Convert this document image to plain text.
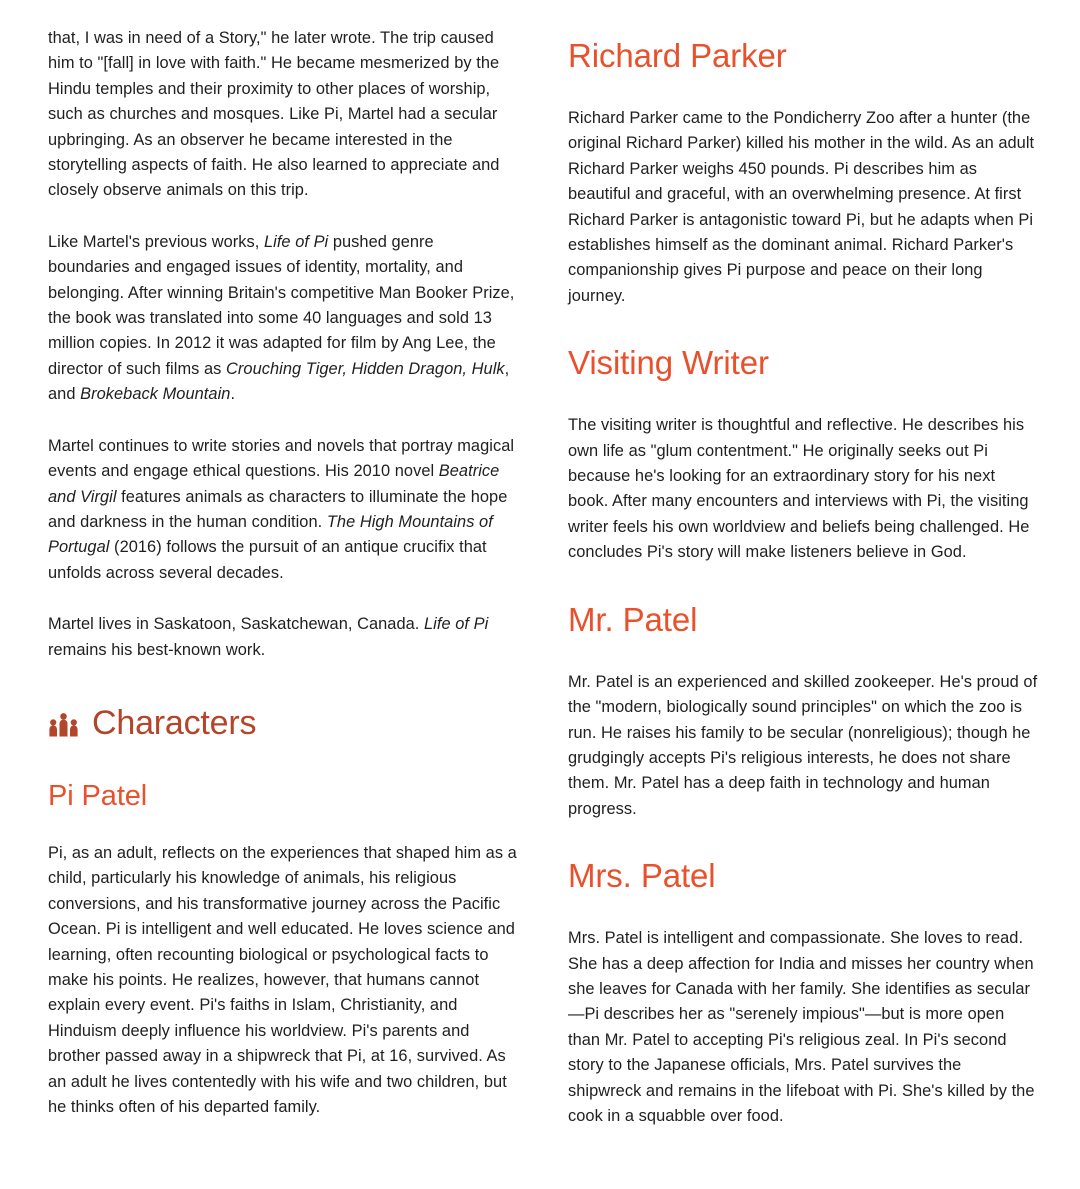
that, I was in need of a Story," he later wrote. The trip caused him to "[fall] in love with faith." He became mesmerized by the Hindu temples and their proximity to other places of worship, such as churches and mosques. Like Pi, Martel had a secular upbringing. As an observer he became interested in the storytelling aspects of faith. He also learned to appreciate and closely observe animals on this trip.

Like Martel's previous works, Life of Pi pushed genre boundaries and engaged issues of identity, mortality, and belonging. After winning Britain's competitive Man Booker Prize, the book was translated into some 40 languages and sold 13 million copies. In 2012 it was adapted for film by Ang Lee, the director of such films as Crouching Tiger, Hidden Dragon, Hulk, and Brokeback Mountain.

Martel continues to write stories and novels that portray magical events and engage ethical questions. His 2010 novel Beatrice and Virgil features animals as characters to illuminate the hope and darkness in the human condition. The High Mountains of Portugal (2016) follows the pursuit of an antique crucifix that unfolds across several decades.

Martel lives in Saskatoon, Saskatchewan, Canada. Life of Pi remains his best-known work.

Characters
Pi Patel

Pi, as an adult, reflects on the experiences that shaped him as a child, particularly his knowledge of animals, his religious conversions, and his transformative journey across the Pacific Ocean. Pi is intelligent and well educated. He loves science and learning, often recounting biological or psychological facts to make his points. He realizes, however, that humans cannot explain every event. Pi's faiths in Islam, Christianity, and Hinduism deeply influence his worldview. Pi's parents and brother passed away in a shipwreck that Pi, at 16, survived. As an adult he lives contentedly with his wife and two children, but he thinks often of his departed family.

Richard Parker

Richard Parker came to the Pondicherry Zoo after a hunter (the original Richard Parker) killed his mother in the wild. As an adult Richard Parker weighs 450 pounds. Pi describes him as beautiful and graceful, with an overwhelming presence. At first Richard Parker is antagonistic toward Pi, but he adapts when Pi establishes himself as the dominant animal. Richard Parker's companionship gives Pi purpose and peace on their long journey.

Visiting Writer

The visiting writer is thoughtful and reflective. He describes his own life as "glum contentment." He originally seeks out Pi because he's looking for an extraordinary story for his next book. After many encounters and interviews with Pi, the visiting writer feels his own worldview and beliefs being challenged. He concludes Pi's story will make listeners believe in God.

Mr. Patel

Mr. Patel is an experienced and skilled zookeeper. He's proud of the "modern, biologically sound principles" on which the zoo is run. He raises his family to be secular (nonreligious); though he grudgingly accepts Pi's religious interests, he does not share them. Mr. Patel has a deep faith in technology and human progress.

Mrs. Patel

Mrs. Patel is intelligent and compassionate. She loves to read. She has a deep affection for India and misses her country when she leaves for Canada with her family. She identifies as secular—Pi describes her as "serenely impious"—but is more open than Mr. Patel to accepting Pi's religious zeal. In Pi's second story to the Japanese officials, Mrs. Patel survives the shipwreck and remains in the lifeboat with Pi. She's killed by the cook in a squabble over food.
